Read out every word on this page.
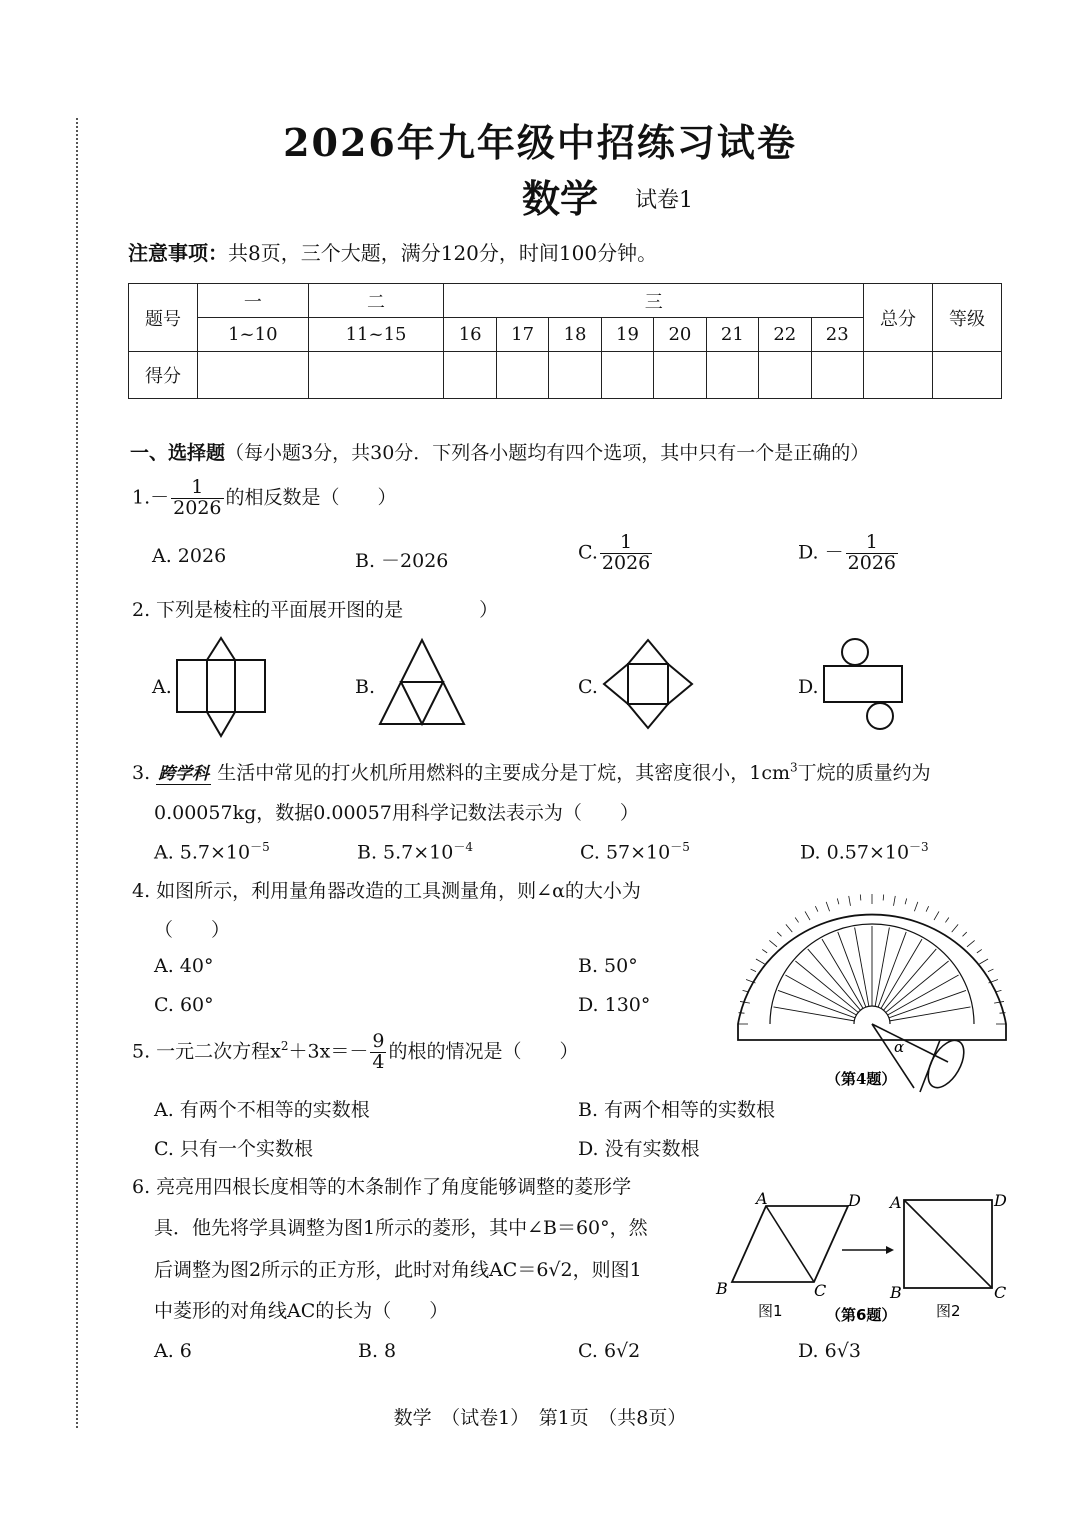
2026年九年级中招练习试卷
数学 试卷1
注意事项：共8页，三个大题，满分120分，时间100分钟。
题号	一	二	三								总分	等级
	1~10	11~15	16	17	18	19	20	21	22	23		
得分												
一、选择题（每小题3分，共30分．下列各小题均有四个选项，其中只有一个是正确的）
$1.- \frac{1}{2026}$ 的相反数是（　　）
A. 2026	B. －2026	C. $\frac{1}{2026}$	D. － $\frac{1}{2026}$
2. 下列是棱柱的平面展开图的是　　　　）
A.	B.	C.	D.
3. 跨学科 生活中常见的打火机所用燃料的主要成分是丁烷，其密度很小，$1cm^3$丁烷的质量约为
0.00057kg，数据0.00057用科学记数法表示为（　　）
A. $5.7\times 10^{-5}$	B. $5.7\times 10^{-4}$	C. $57\times 10^{-5}$	D. $0.57\times 10^{-3}$
4. 如图所示，利用量角器改造的工具测量角，则∠α的大小为
（　　）
A. 40°	B. 50°
C. 60°	D. 130°
α
（第4题）
5. 一元二次方程$x^2+3x=- \frac{9}{4}$ 的根的情况是（　　）
A. 有两个不相等的实数根	B. 有两个相等的实数根
C. 只有一个实数根	D. 没有实数根
6. 亮亮用四根长度相等的木条制作了角度能够调整的菱形学
具．他先将学具调整为图1所示的菱形，其中∠B＝60°，然
后调整为图2所示的正方形，此时对角线AC＝6√2，则图1
中菱形的对角线AC的长为（　　）
A. 6	B. 8	C. 6√2	D. 6√3
A	D
B	C
A	D
B	C
图1	（第6题）	图2
数学　（试卷1）　第1页　（共8页）
